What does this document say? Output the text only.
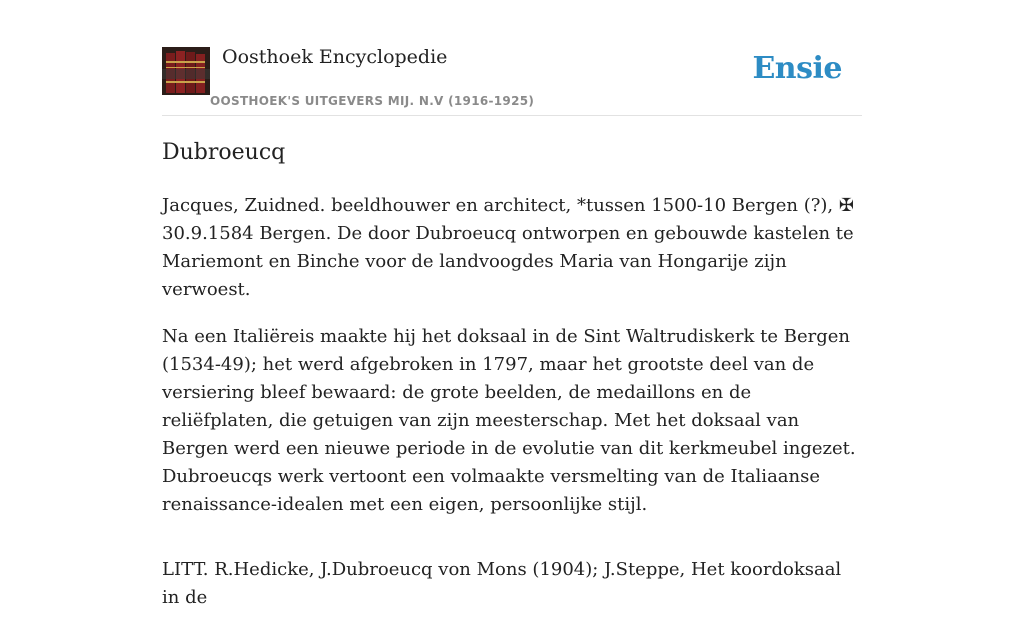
Oosthoek Encyclopedie
OOSTHOEK'S UITGEVERS MIJ. N.V (1916-1925)
Ensie
Dubroeucq

Jacques, Zuidned. beeldhouwer en architect, *tussen 1500-10 Bergen (?), ✠ 30.9.1584 Bergen. De door Dubroeucq ontworpen en gebouwde kastelen te Mariemont en Binche voor de landvoogdes Maria van Hongarije zijn verwoest.

Na een Italiëreis maakte hij het doksaal in de Sint Waltrudiskerk te Bergen (1534-49); het werd afgebroken in 1797, maar het grootste deel van de versiering bleef bewaard: de grote beelden, de medaillons en de reliëfplaten, die getuigen van zijn meesterschap. Met het doksaal van Bergen werd een nieuwe periode in de evolutie van dit kerkmeubel ingezet. Dubroeucqs werk vertoont een volmaakte versmelting van de Italiaanse renaissance-idealen met een eigen, persoonlijke stijl.

LITT. R.Hedicke, J.Dubroeucq von Mons (1904); J.Steppe, Het koordoksaal in de
